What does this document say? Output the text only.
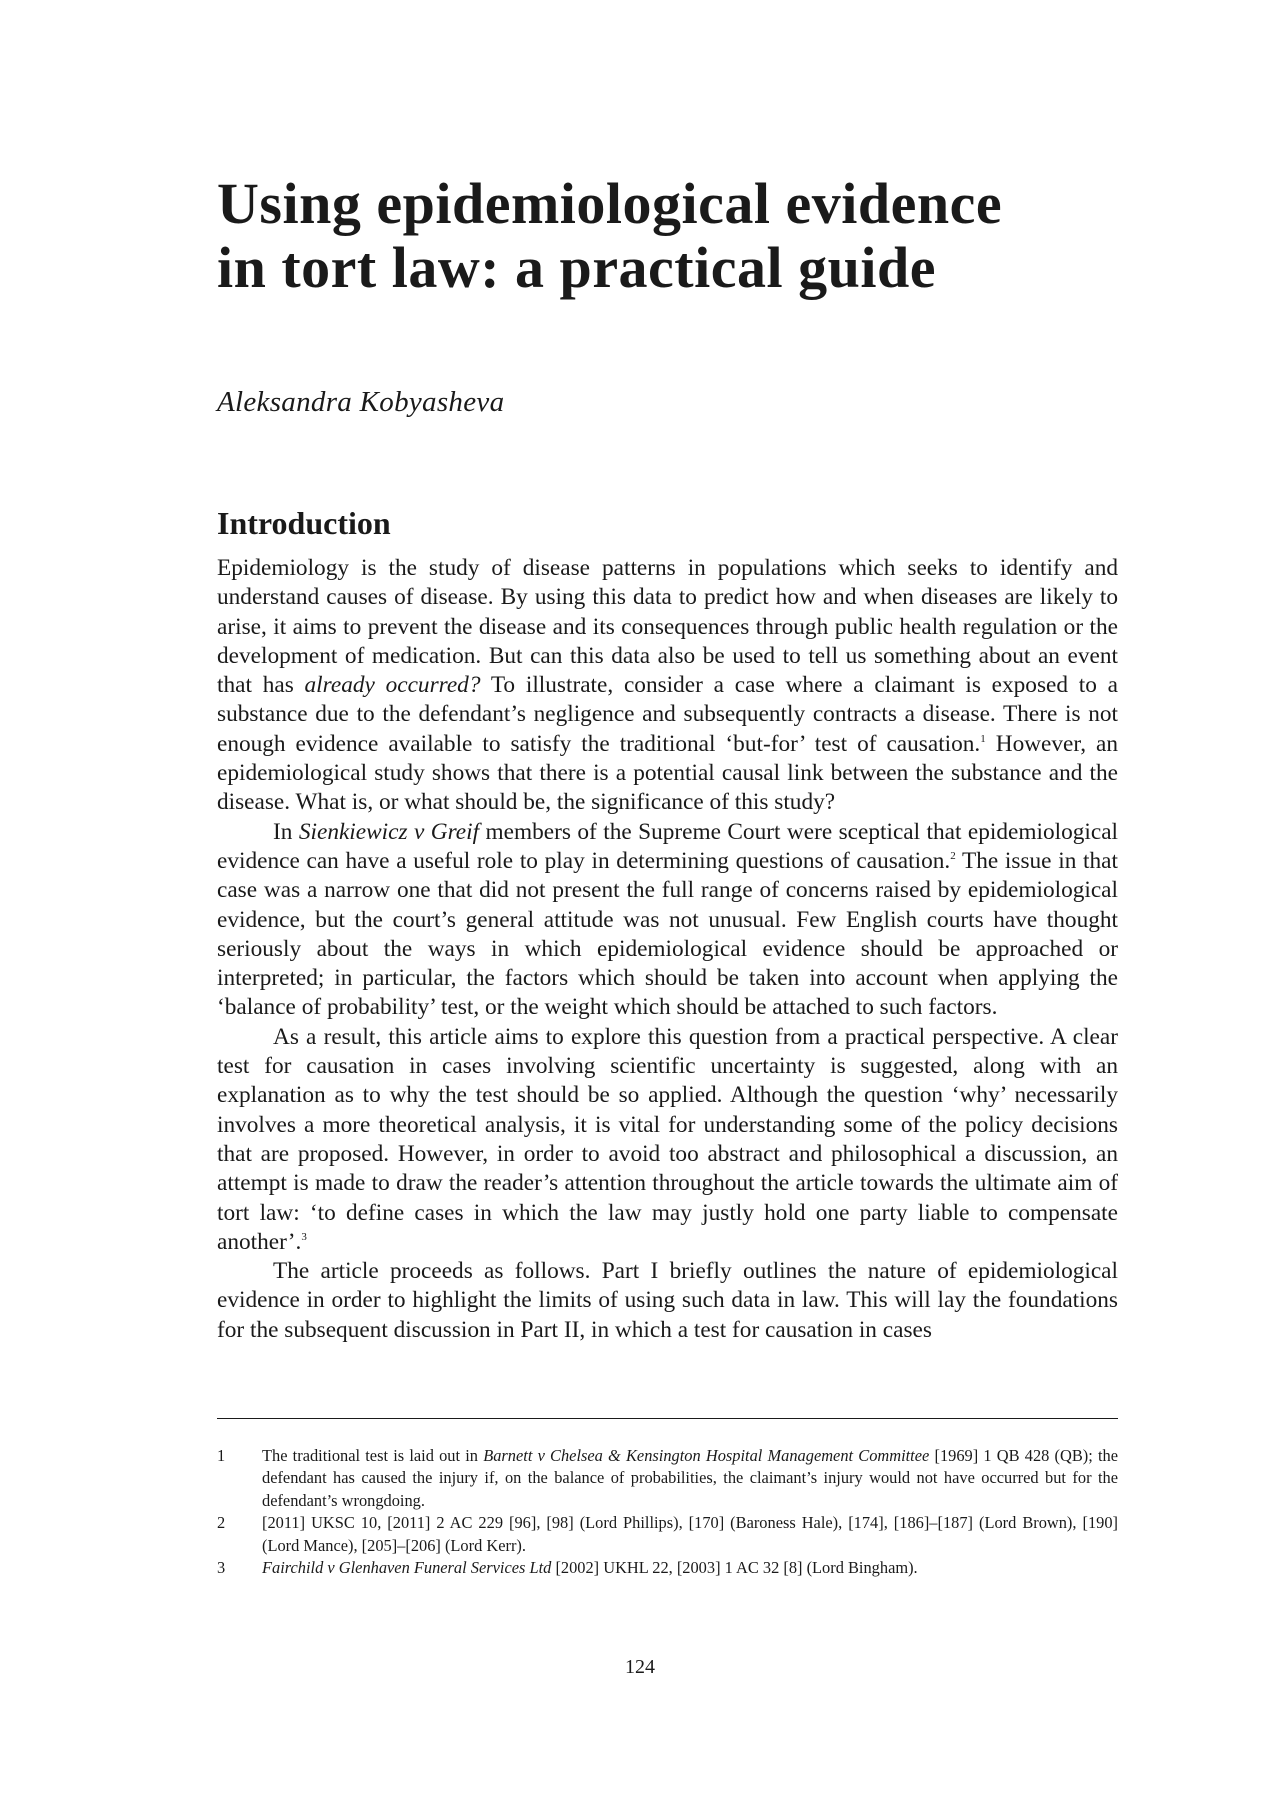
Using epidemiological evidence in tort law: a practical guide

Aleksandra Kobyasheva

Introduction

Epidemiology is the study of disease patterns in populations which seeks to identify and understand causes of disease. By using this data to predict how and when diseases are likely to arise, it aims to prevent the disease and its consequences through public health regulation or the development of medication. But can this data also be used to tell us something about an event that has already occurred? To illustrate, consider a case where a claimant is exposed to a substance due to the defendant’s negligence and subsequently contracts a disease. There is not enough evidence available to satisfy the traditional ‘but-for’ test of causation.$^1$ However, an epidemiological study shows that there is a potential causal link between the substance and the disease. What is, or what should be, the significance of this study?

In Sienkiewicz v Greif members of the Supreme Court were sceptical that epidemiological evidence can have a useful role to play in determining questions of causation.$^2$ The issue in that case was a narrow one that did not present the full range of concerns raised by epidemiological evidence, but the court’s general attitude was not unusual. Few English courts have thought seriously about the ways in which epidemiological evidence should be approached or interpreted; in particular, the factors which should be taken into account when applying the ‘balance of probability’ test, or the weight which should be attached to such factors.

As a result, this article aims to explore this question from a practical perspective. A clear test for causation in cases involving scientific uncertainty is suggested, along with an explanation as to why the test should be so applied. Although the question ‘why’ necessarily involves a more theoretical analysis, it is vital for understanding some of the policy decisions that are proposed. However, in order to avoid too abstract and philosophical a discussion, an attempt is made to draw the reader’s attention throughout the article towards the ultimate aim of tort law: ‘to define cases in which the law may justly hold one party liable to compensate another’.$^3$

The article proceeds as follows. Part I briefly outlines the nature of epidemiological evidence in order to highlight the limits of using such data in law. This will lay the foundations for the subsequent discussion in Part II, in which a test for causation in cases

1	The traditional test is laid out in Barnett v Chelsea & Kensington Hospital Management Committee [1969] 1 QB 428 (QB); the defendant has caused the injury if, on the balance of probabilities, the claimant’s injury would not have occurred but for the defendant’s wrongdoing.
2	[2011] UKSC 10, [2011] 2 AC 229 [96], [98] (Lord Phillips), [170] (Baroness Hale), [174], [186]–[187] (Lord Brown), [190] (Lord Mance), [205]–[206] (Lord Kerr).
3	Fairchild v Glenhaven Funeral Services Ltd [2002] UKHL 22, [2003] 1 AC 32 [8] (Lord Bingham).
124
